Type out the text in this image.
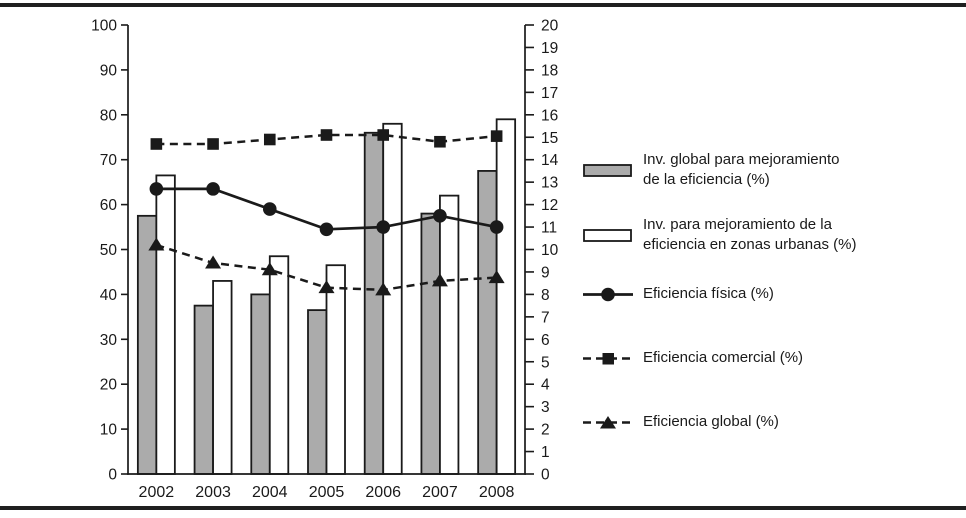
0
10
20
30
40
50
60
70
80
90
100
0
1
2
3
4
5
6
7
8
9
10
11
12
13
14
15
16
17
18
19
20
2002 2003 2004 2005 2006 2007 2008
Inv. global para mejoramiento
de la eficiencia (%)
Inv. para mejoramiento de la
eficiencia en zonas urbanas (%)
Eficiencia física (%)
Eficiencia comercial (%)
Eficiencia global (%)
